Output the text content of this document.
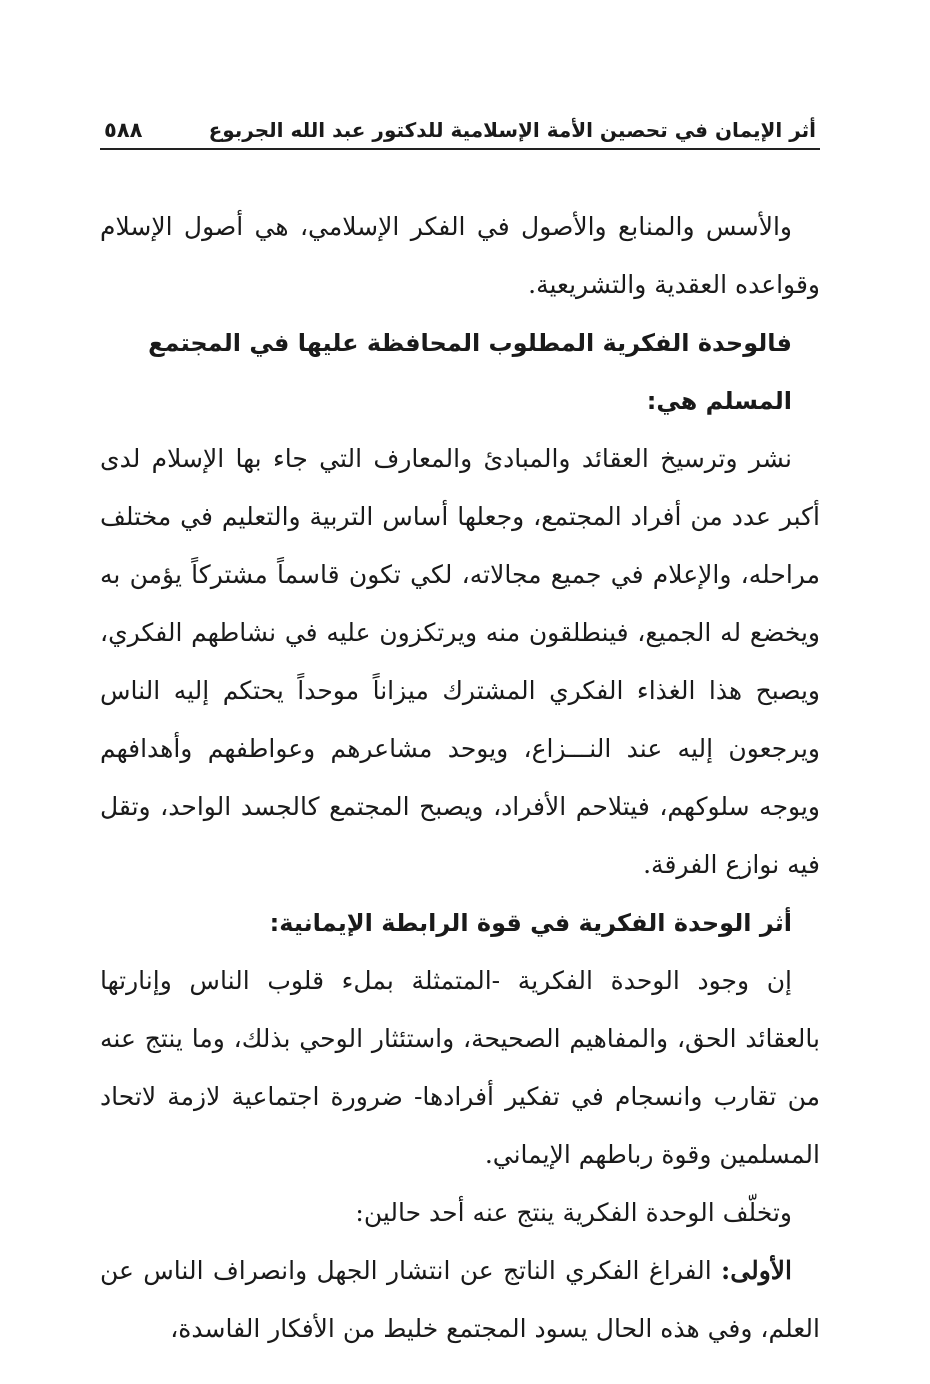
أثر الإيمان في تحصين الأمة الإسلامية للدكتور عبد الله الجربوع
٥٨٨

والأسس والمنابع والأصول في الفكر الإسلامي، هي أصول الإسلام وقواعده العقدية والتشريعية.

فالوحدة الفكرية المطلوب المحافظة عليها في المجتمع المسلم هي:

نشر وترسيخ العقائد والمبادئ والمعارف التي جاء بها الإسلام لدى أكبر عدد من أفراد المجتمع، وجعلها أساس التربية والتعليم في مختلف مراحله، والإعلام في جميع مجالاته، لكي تكون قاسماً مشتركاً يؤمن به ويخضع له الجميع، فينطلقون منه ويرتكزون عليه في نشاطهم الفكري، ويصبح هذا الغذاء الفكري المشترك ميزاناً موحداً يحتكم إليه الناس ويرجعون إليه عند النـــزاع، ويوحد مشاعرهم وعواطفهم وأهدافهم ويوجه سلوكهم، فيتلاحم الأفراد، ويصبح المجتمع كالجسد الواحد، وتقل فيه نوازع الفرقة.

أثر الوحدة الفكرية في قوة الرابطة الإيمانية:

إن وجود الوحدة الفكرية -المتمثلة بملء قلوب الناس وإنارتها بالعقائد الحق، والمفاهيم الصحيحة، واستئثار الوحي بذلك، وما ينتج عنه من تقارب وانسجام في تفكير أفرادها- ضرورة اجتماعية لازمة لاتحاد المسلمين وقوة رباطهم الإيماني.

وتخلّف الوحدة الفكرية ينتج عنه أحد حالين:

الأولى: الفراغ الفكري الناتج عن انتشار الجهل وانصراف الناس عن العلم، وفي هذه الحال يسود المجتمع خليط من الأفكار الفاسدة،
